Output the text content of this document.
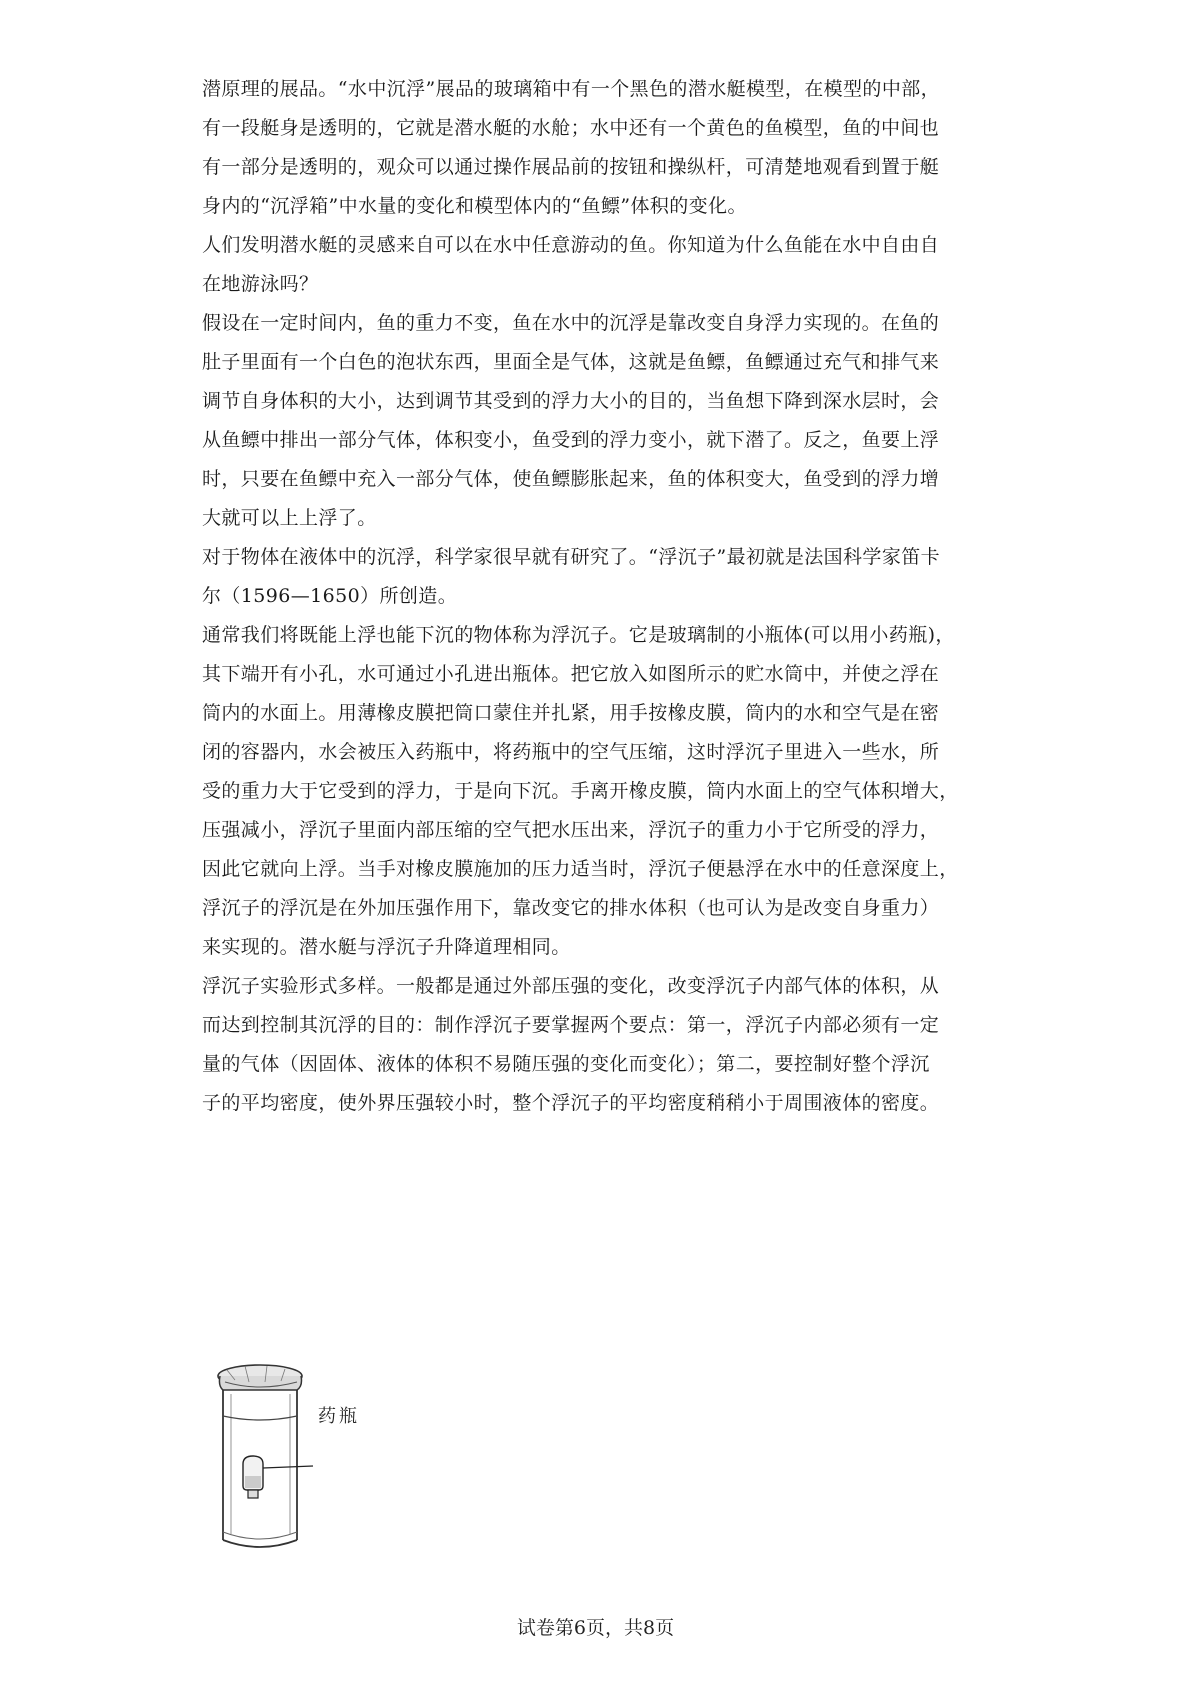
潜原理的展品。“水中沉浮”展品的玻璃箱中有一个黑色的潜水艇模型，在模型的中部，

有一段艇身是透明的，它就是潜水艇的水舱；水中还有一个黄色的鱼模型，鱼的中间也

有一部分是透明的，观众可以通过操作展品前的按钮和操纵杆，可清楚地观看到置于艇

身内的“沉浮箱”中水量的变化和模型体内的“鱼鳔”体积的变化。

人们发明潜水艇的灵感来自可以在水中任意游动的鱼。你知道为什么鱼能在水中自由自

在地游泳吗？

假设在一定时间内，鱼的重力不变，鱼在水中的沉浮是靠改变自身浮力实现的。在鱼的

肚子里面有一个白色的泡状东西，里面全是气体，这就是鱼鳔，鱼鳔通过充气和排气来

调节自身体积的大小，达到调节其受到的浮力大小的目的，当鱼想下降到深水层时，会

从鱼鳔中排出一部分气体，体积变小，鱼受到的浮力变小，就下潜了。反之，鱼要上浮

时，只要在鱼鳔中充入一部分气体，使鱼鳔膨胀起来，鱼的体积变大，鱼受到的浮力增

大就可以上上浮了。

对于物体在液体中的沉浮，科学家很早就有研究了。“浮沉子”最初就是法国科学家笛卡

尔（1596—1650）所创造。

通常我们将既能上浮也能下沉的物体称为浮沉子。它是玻璃制的小瓶体(可以用小药瓶)，

其下端开有小孔，水可通过小孔进出瓶体。把它放入如图所示的贮水筒中，并使之浮在

筒内的水面上。用薄橡皮膜把筒口蒙住并扎紧，用手按橡皮膜，筒内的水和空气是在密

闭的容器内，水会被压入药瓶中，将药瓶中的空气压缩，这时浮沉子里进入一些水，所

受的重力大于它受到的浮力，于是向下沉。手离开橡皮膜，筒内水面上的空气体积增大，

压强减小，浮沉子里面内部压缩的空气把水压出来，浮沉子的重力小于它所受的浮力，

因此它就向上浮。当手对橡皮膜施加的压力适当时，浮沉子便悬浮在水中的任意深度上，

浮沉子的浮沉是在外加压强作用下，靠改变它的排水体积（也可认为是改变自身重力）

来实现的。潜水艇与浮沉子升降道理相同。

浮沉子实验形式多样。一般都是通过外部压强的变化，改变浮沉子内部气体的体积，从

而达到控制其沉浮的目的：制作浮沉子要掌握两个要点：第一，浮沉子内部必须有一定

量的气体（因固体、液体的体积不易随压强的变化而变化）；第二，要控制好整个浮沉

子的平均密度，使外界压强较小时，整个浮沉子的平均密度稍稍小于周围液体的密度。

药瓶
试卷第6页，共8页
